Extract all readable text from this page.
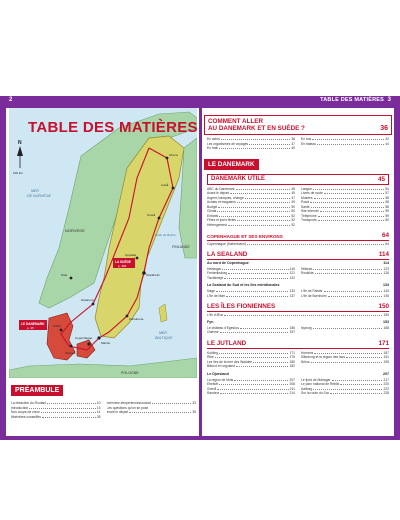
2	3
TABLE DES MATIÈRES
N
100 km
MER
DE NORVÈGE
NORVÈGE
FINLANDE
Golfe de Botnie
MER
BALTIQUE
POLOGNE
Stockholm
Uppsala
Kiruna
Luleå
Umeå
Karlskrona
Malmö
Copenhague
Göteborg
Oslo
Odense
Århus
LA SUÈDE
p. 366
LE DANEMARK
p. 45
TABLE DES MATIÈRES
PRÉAMBULE
La rédaction du Routard	10
Introduction	13
Nos coups de cœur	14
Itinéraires conseillés	28
Interview #experiencesroutard	33
Les questions qu'on se pose
avant le départ	35
COMMENT ALLER
AU DANEMARK ET EN SUÈDE ?	36
En avion	36
Les organismes de voyages	37
En train	40
En bus	42
En bateau	44
LE DANEMARK
DANEMARK UTILE	45
ABC du Danemark	45
Avant le départ	45
Argent, banques, change	47
Achats et magasins	49
Budget	50
Climat	50
Enfants	52
Fêtes et jours fériés	52
Hébergement	52
Langue	54
Livres de route	57
Musées	58
Poste	58
Santé	58
Site internet	59
Téléphone	59
Transports	60
COPENHAGUE ET SES ENVIRONS	64
Copenhague (København)	64
LA SEALAND	114
Au nord de Copenhague	114
Helsingør	116
Frederiksborg	121
Tisvildeleje	122
Hillerød	123
Roskilde	126
La Sealand du Sud et les îles méridionales	133
Køge	133
L'île de Møn	137
L'île de Falster	143
L'île de Bornholm	145
LES ÎLES FIONIENNES	150
L'île d'Ærø	150
Fyn	153
Le château d'Egeskov	156
Odense	157
Nyborg	168
LE JUTLAND	171
Kolding	171
Ribe	175
Les îles de la mer des Wadden	180
Billund et Legoland	182
Horsens	187
Silkeborg et la région des lacs	191
Århus	195
Le Djursland	207
La région de Mols	207
Ebeltoft	208
Grenå	211
Randers	214
Le fjord de Mariager	217
Le parc national de Rebild	220
Aalborg	222
Sur la route du Sud	228
